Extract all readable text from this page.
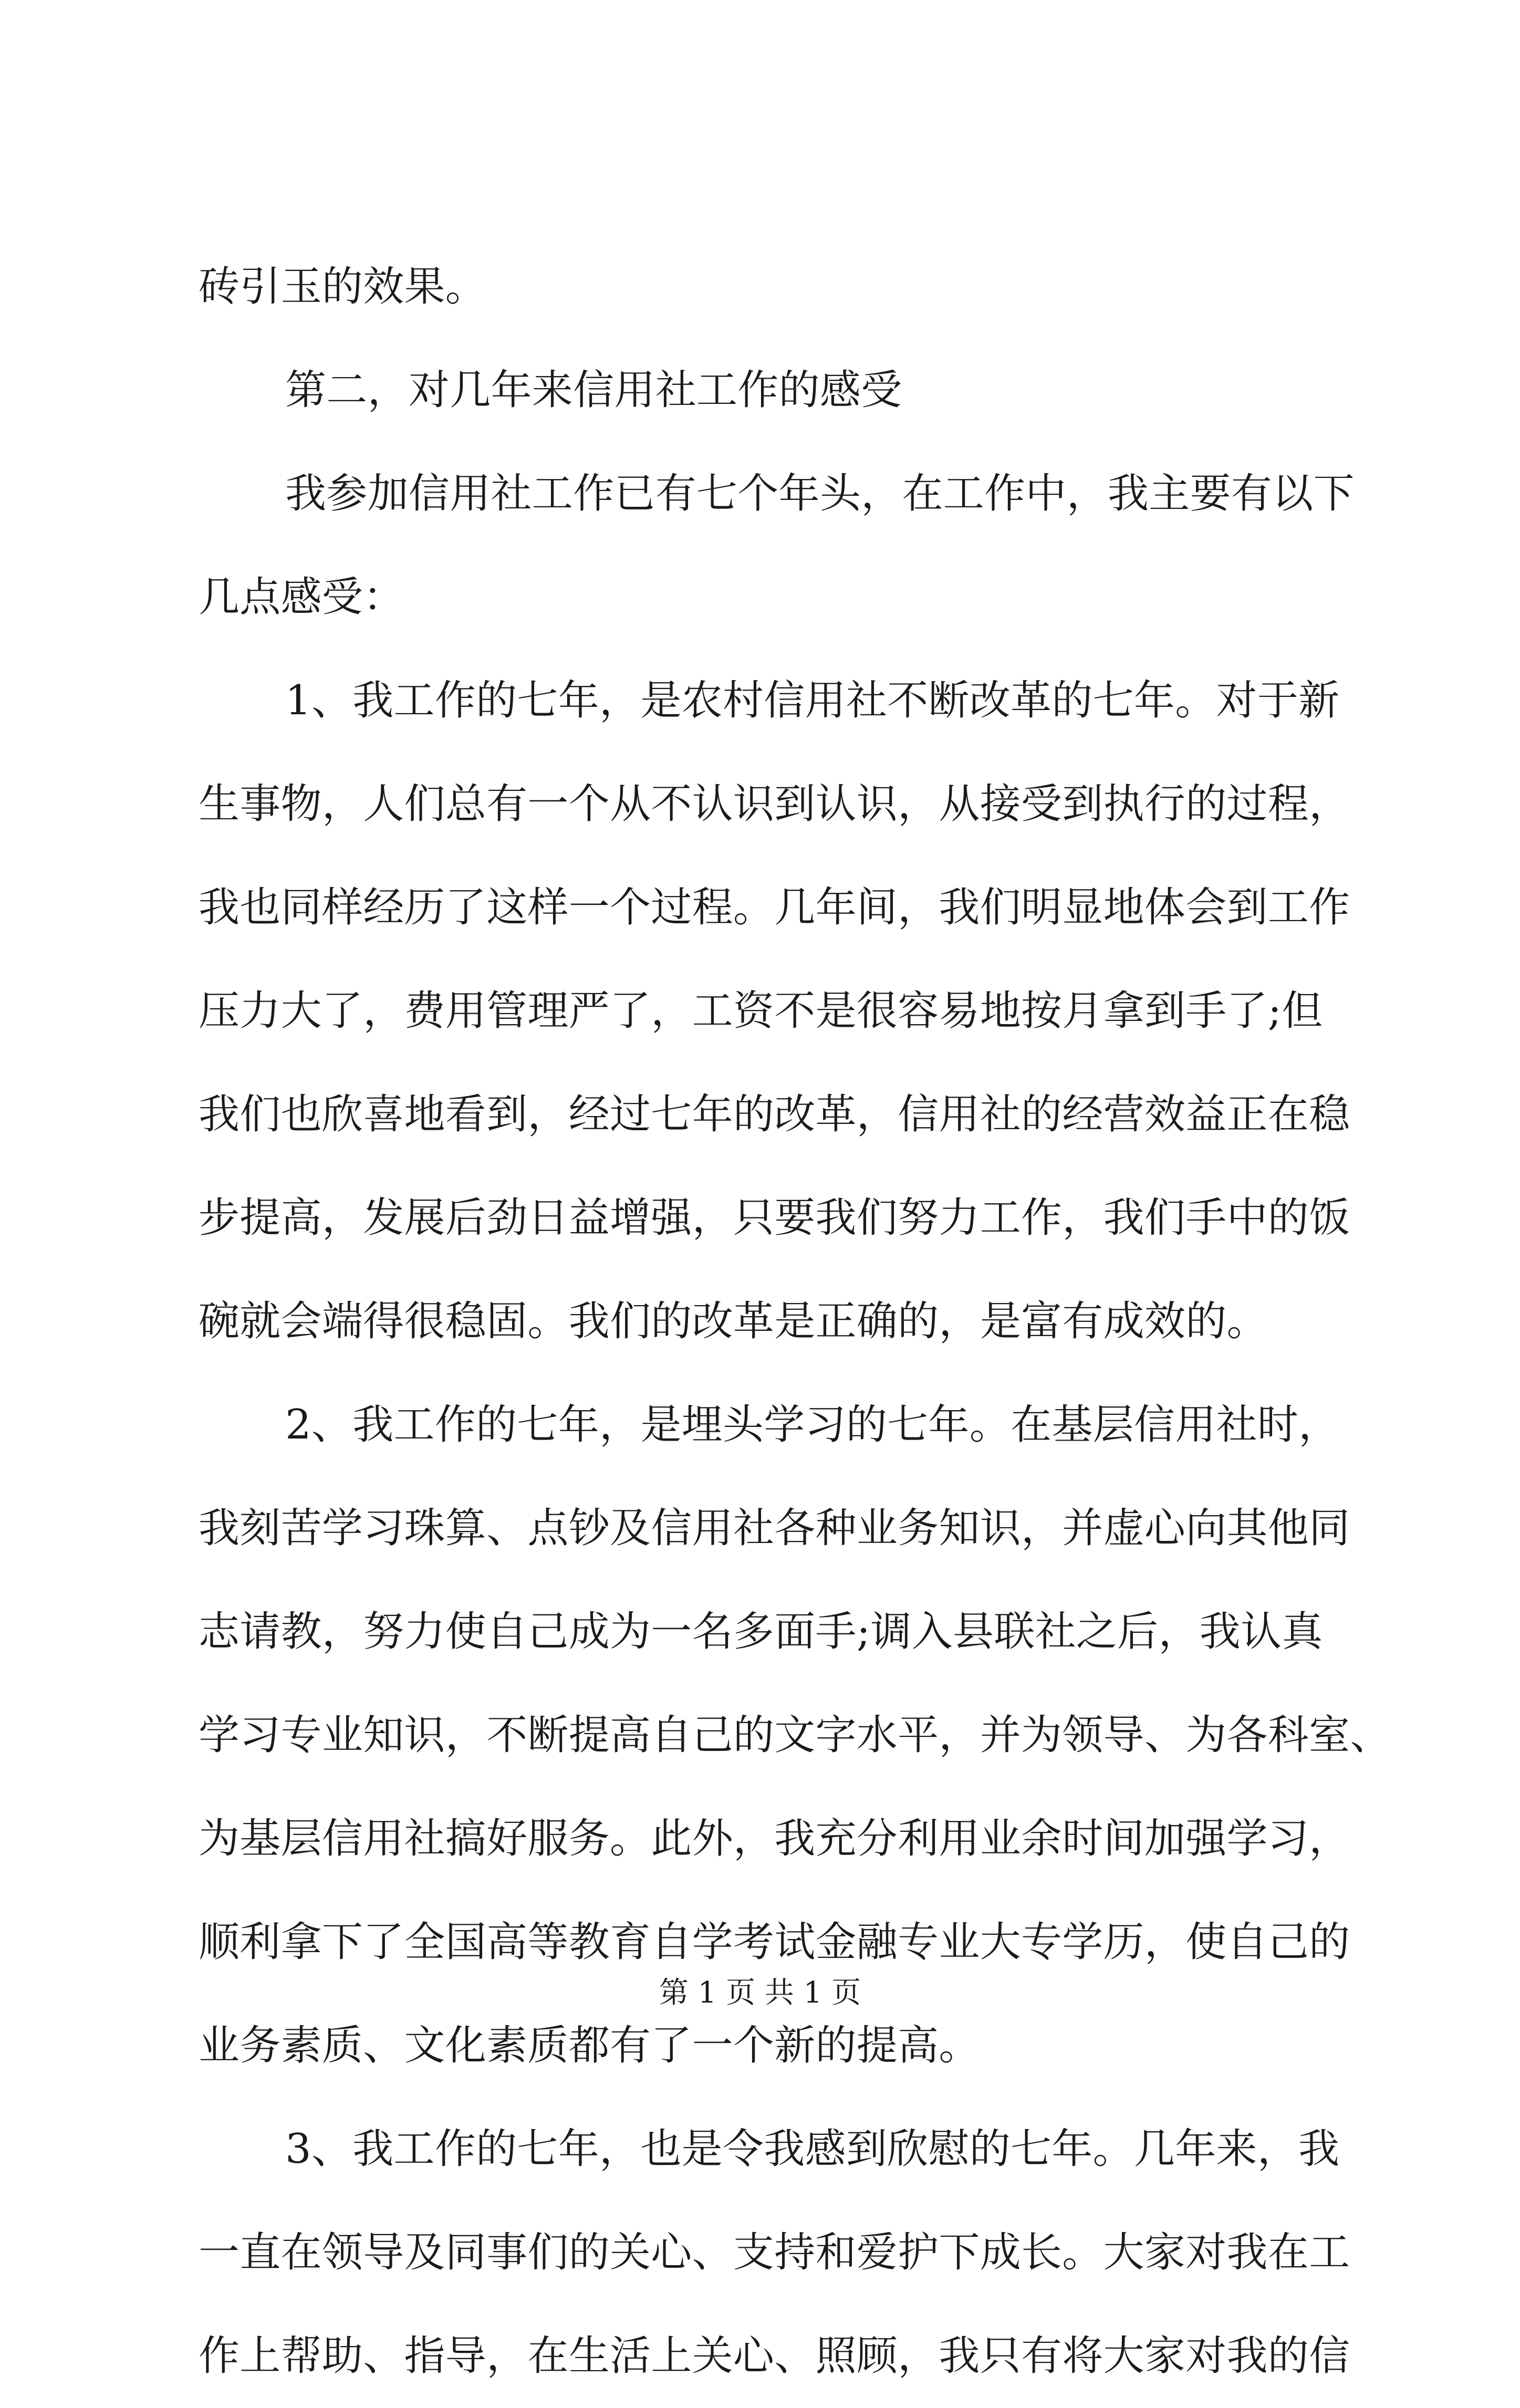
砖引玉的效果。
第二，对几年来信用社工作的感受
我参加信用社工作已有七个年头，在工作中，我主要有以下
几点感受：
1、我工作的七年，是农村信用社不断改革的七年。对于新
生事物，人们总有一个从不认识到认识，从接受到执行的过程，
我也同样经历了这样一个过程。几年间，我们明显地体会到工作
压力大了，费用管理严了，工资不是很容易地按月拿到手了;但
我们也欣喜地看到，经过七年的改革，信用社的经营效益正在稳
步提高，发展后劲日益增强，只要我们努力工作，我们手中的饭
碗就会端得很稳固。我们的改革是正确的，是富有成效的。
2、我工作的七年，是埋头学习的七年。在基层信用社时，
我刻苦学习珠算、点钞及信用社各种业务知识，并虚心向其他同
志请教，努力使自己成为一名多面手;调入县联社之后，我认真
学习专业知识，不断提高自己的文字水平，并为领导、为各科室、
为基层信用社搞好服务。此外，我充分利用业余时间加强学习，
顺利拿下了全国高等教育自学考试金融专业大专学历，使自己的
业务素质、文化素质都有了一个新的提高。
3、我工作的七年，也是令我感到欣慰的七年。几年来，我
一直在领导及同事们的关心、支持和爱护下成长。大家对我在工
作上帮助、指导，在生活上关心、照顾，我只有将大家对我的信
第 1 页 共 1 页
